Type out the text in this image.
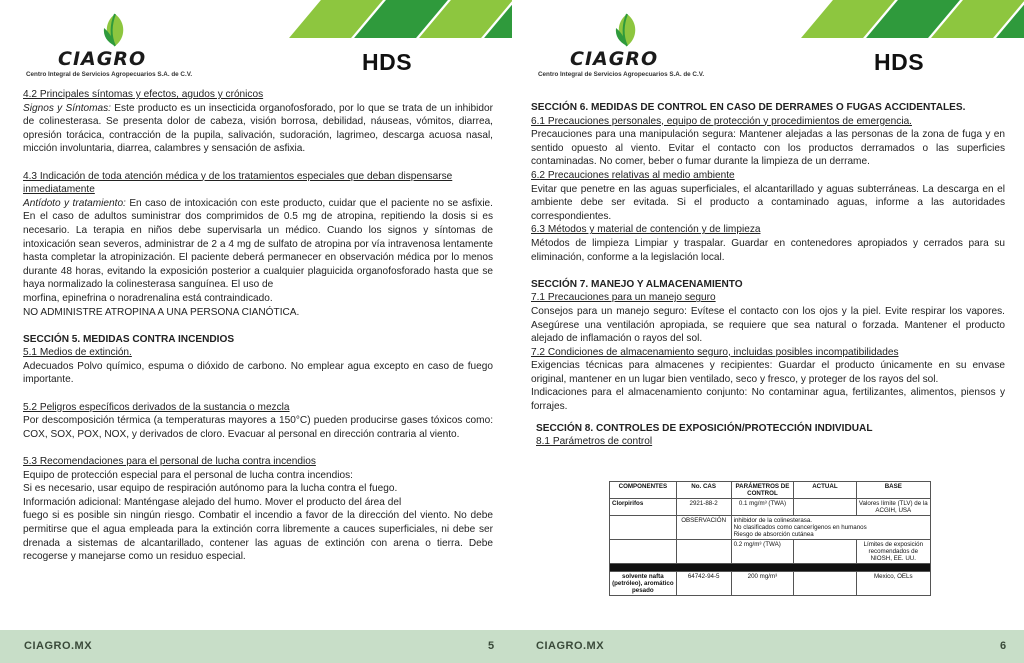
CIAGRO
Centro Integral de Servicios Agropecuarios S.A. de C.V.	HDS

4.2 Principales síntomas y efectos, agudos y crónicos

Signos y Síntomas: Este producto es un insecticida organofosforado, por lo que se trata de un inhibidor de colinesterasa. Se presenta dolor de cabeza, visión borrosa, debilidad, náuseas, vómitos, diarrea, opresión torácica, contracción de la pupila, salivación, sudoración, lagrimeo, descarga acuosa nasal, micción involuntaria, diarrea, calambres y sensación de asfixia.

4.3 Indicación de toda atención médica y de los tratamientos especiales que deban dispensarse

inmediatamente

Antídoto y tratamiento: En caso de intoxicación con este producto, cuidar que el paciente no se asfixie. En el caso de adultos suministrar dos comprimidos de 0.5 mg de atropina, repitiendo la dosis si es necesario. La terapia en niños debe supervisarla un médico. Cuando los signos y síntomas de intoxicación sean severos, administrar de 2 a 4 mg de sulfato de atropina por vía intravenosa lentamente hasta completar la atropinización. El paciente deberá permanecer en observación médica por lo menos durante 48 horas, evitando la exposición posterior a cualquier plaguicida organofosforado hasta que se haya normalizado la colinesterasa sanguínea. El uso de

morfina, epinefrina o noradrenalina está contraindicado.

NO ADMINISTRE ATROPINA A UNA PERSONA CIANÓTICA.

SECCIÓN 5. MEDIDAS CONTRA INCENDIOS

5.1 Medios de extinción.

Adecuados Polvo químico, espuma o dióxido de carbono. No emplear agua excepto en caso de fuego importante.

5.2 Peligros específicos derivados de la sustancia o mezcla

Por descomposición térmica (a temperaturas mayores a 150°C) pueden producirse gases tóxicos como: COX, SOX, POX, NOX, y derivados de cloro. Evacuar al personal en dirección contraria al viento.

5.3 Recomendaciones para el personal de lucha contra incendios

Equipo de protección especial para el personal de lucha contra incendios:

Si es necesario, usar equipo de respiración autónomo para la lucha contra el fuego.

Información adicional: Manténgase alejado del humo. Mover el producto del área del

fuego si es posible sin ningún riesgo. Combatir el incendio a favor de la dirección del viento. No debe permitirse que el agua empleada para la extinción corra libremente a cauces superficiales, ni debe ser drenada a sistemas de alcantarillado, contener las aguas de extinción con arena o tierra. Debe recogerse y manejarse como un residuo especial.

CIAGRO.MX	5
CIAGRO
Centro Integral de Servicios Agropecuarios S.A. de C.V.	HDS
CIAGRO.MX	6

SECCIÓN 6. MEDIDAS DE CONTROL EN CASO DE DERRAMES O FUGAS ACCIDENTALES.

6.1 Precauciones personales, equipo de protección y procedimientos de emergencia.

Precauciones para una manipulación segura: Mantener alejadas a las personas de la zona de fuga y en sentido opuesto al viento. Evitar el contacto con los productos derramados o las superficies contaminadas. No comer, beber o fumar durante la limpieza de un derrame.

6.2 Precauciones relativas al medio ambiente

Evitar que penetre en las aguas superficiales, el alcantarillado y aguas subterráneas. La descarga en el ambiente debe ser evitada. Si el producto a contaminado aguas, informe a las autoridades correspondientes.

6.3 Métodos y material de contención y de limpieza

Métodos de limpieza Limpiar y traspalar. Guardar en contenedores apropiados y cerrados para su eliminación, conforme a la legislación local.

SECCIÓN 7. MANEJO Y ALMACENAMIENTO

7.1 Precauciones para un manejo seguro

Consejos para un manejo seguro: Evítese el contacto con los ojos y la piel. Evite respirar los vapores. Asegúrese una ventilación apropiada, se requiere que sea natural o forzada. Mantener el producto alejado de inflamación o rayos del sol.

7.2 Condiciones de almacenamiento seguro, incluidas posibles incompatibilidades

Exigencias técnicas para almacenes y recipientes: Guardar el producto únicamente en su envase original, mantener en un lugar bien ventilado, seco y fresco, y proteger de los rayos del sol.

Indicaciones para el almacenamiento conjunto: No contaminar agua, fertilizantes, alimentos, piensos y forrajes.

SECCIÓN 8. CONTROLES DE EXPOSICIÓN/PROTECCIÓN INDIVIDUAL

8.1 Parámetros de control

COMPONENTES	No. CAS	PARÁMETROS DE CONTROL	ACTUAL	BASE
Clorpirifos	2921-88-2	0.1 mg/m³ (TWA)		Valores límite (TLV) de la ACGIH, USA
	OBSERVACIÓN	inhibidor de la colinesterasa.
No clasificados como cancerígenos en humanos
Riesgo de absorción cutánea		

		0.2 mg/m³ (TWA)		Límites de exposición recomendados de NIOSH, EE. UU.

solvente nafta (petróleo), aromático pesado	64742-94-5	200 mg/m³		Mexico, OELs
